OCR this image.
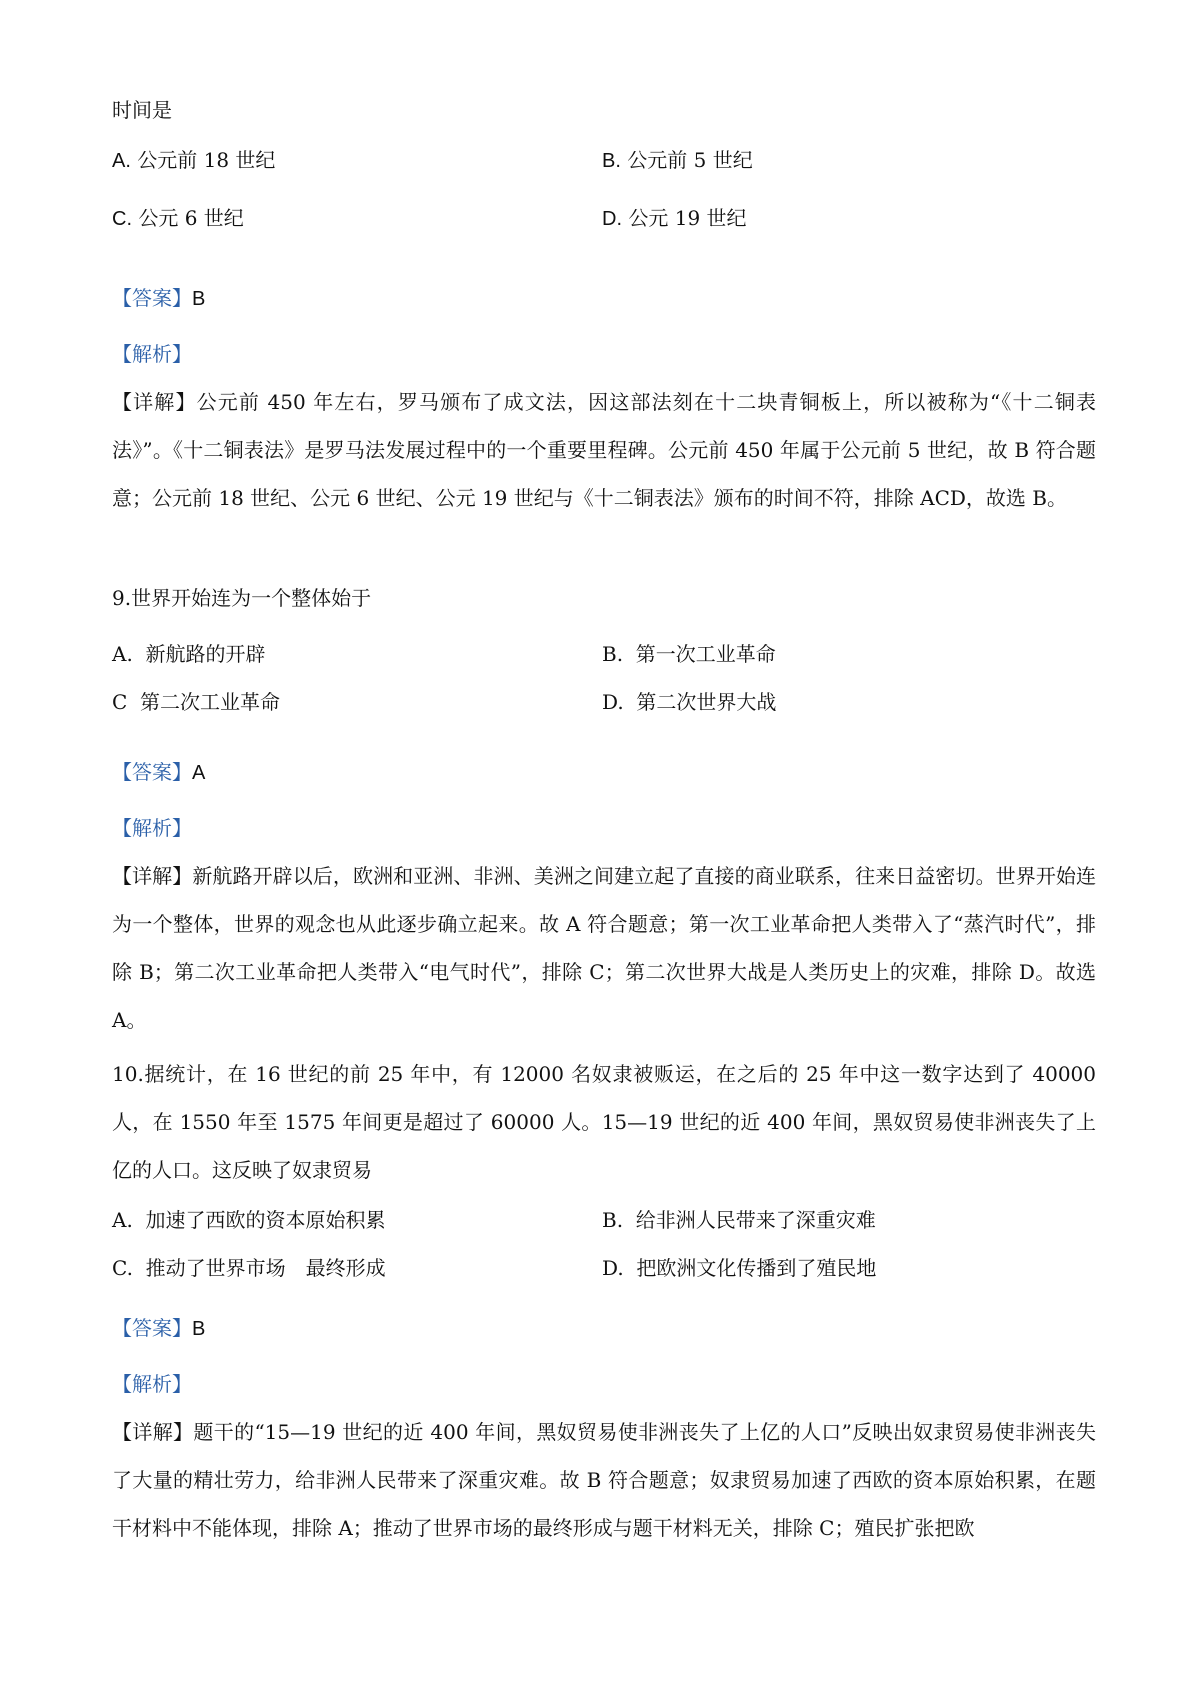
时间是
A. 公元前 18 世纪	B. 公元前 5 世纪
C. 公元 6 世纪	D. 公元 19 世纪
【答案】B
【解析】
【详解】公元前 450 年左右，罗马颁布了成文法，因这部法刻在十二块青铜板上，所以被称为“《十二铜表法》”。《十二铜表法》是罗马法发展过程中的一个重要里程碑。公元前 450 年属于公元前 5 世纪，故 B 符合题意；公元前 18 世纪、公元 6 世纪、公元 19 世纪与《十二铜表法》颁布的时间不符，排除 ACD，故选 B。
9.世界开始连为一个整体始于
A. 新航路的开辟	B. 第一次工业革命
C 第二次工业革命	D. 第二次世界大战
【答案】A
【解析】
【详解】新航路开辟以后，欧洲和亚洲、非洲、美洲之间建立起了直接的商业联系，往来日益密切。世界开始连为一个整体，世界的观念也从此逐步确立起来。故 A 符合题意；第一次工业革命把人类带入了“蒸汽时代”，排除 B；第二次工业革命把人类带入“电气时代”，排除 C；第二次世界大战是人类历史上的灾难，排除 D。故选 A。
10.据统计，在 16 世纪的前 25 年中，有 12000 名奴隶被贩运，在之后的 25 年中这一数字达到了 40000 人，在 1550 年至 1575 年间更是超过了 60000 人。15—19 世纪的近 400 年间，黑奴贸易使非洲丧失了上亿的人口。这反映了奴隶贸易
A. 加速了西欧的资本原始积累	B. 给非洲人民带来了深重灾难
C. 推动了世界市场　最终形成	D. 把欧洲文化传播到了殖民地
【答案】B
【解析】
【详解】题干的“15—19 世纪的近 400 年间，黑奴贸易使非洲丧失了上亿的人口”反映出奴隶贸易使非洲丧失了大量的精壮劳力，给非洲人民带来了深重灾难。故 B 符合题意；奴隶贸易加速了西欧的资本原始积累，在题干材料中不能体现，排除 A；推动了世界市场的最终形成与题干材料无关，排除 C；殖民扩张把欧
